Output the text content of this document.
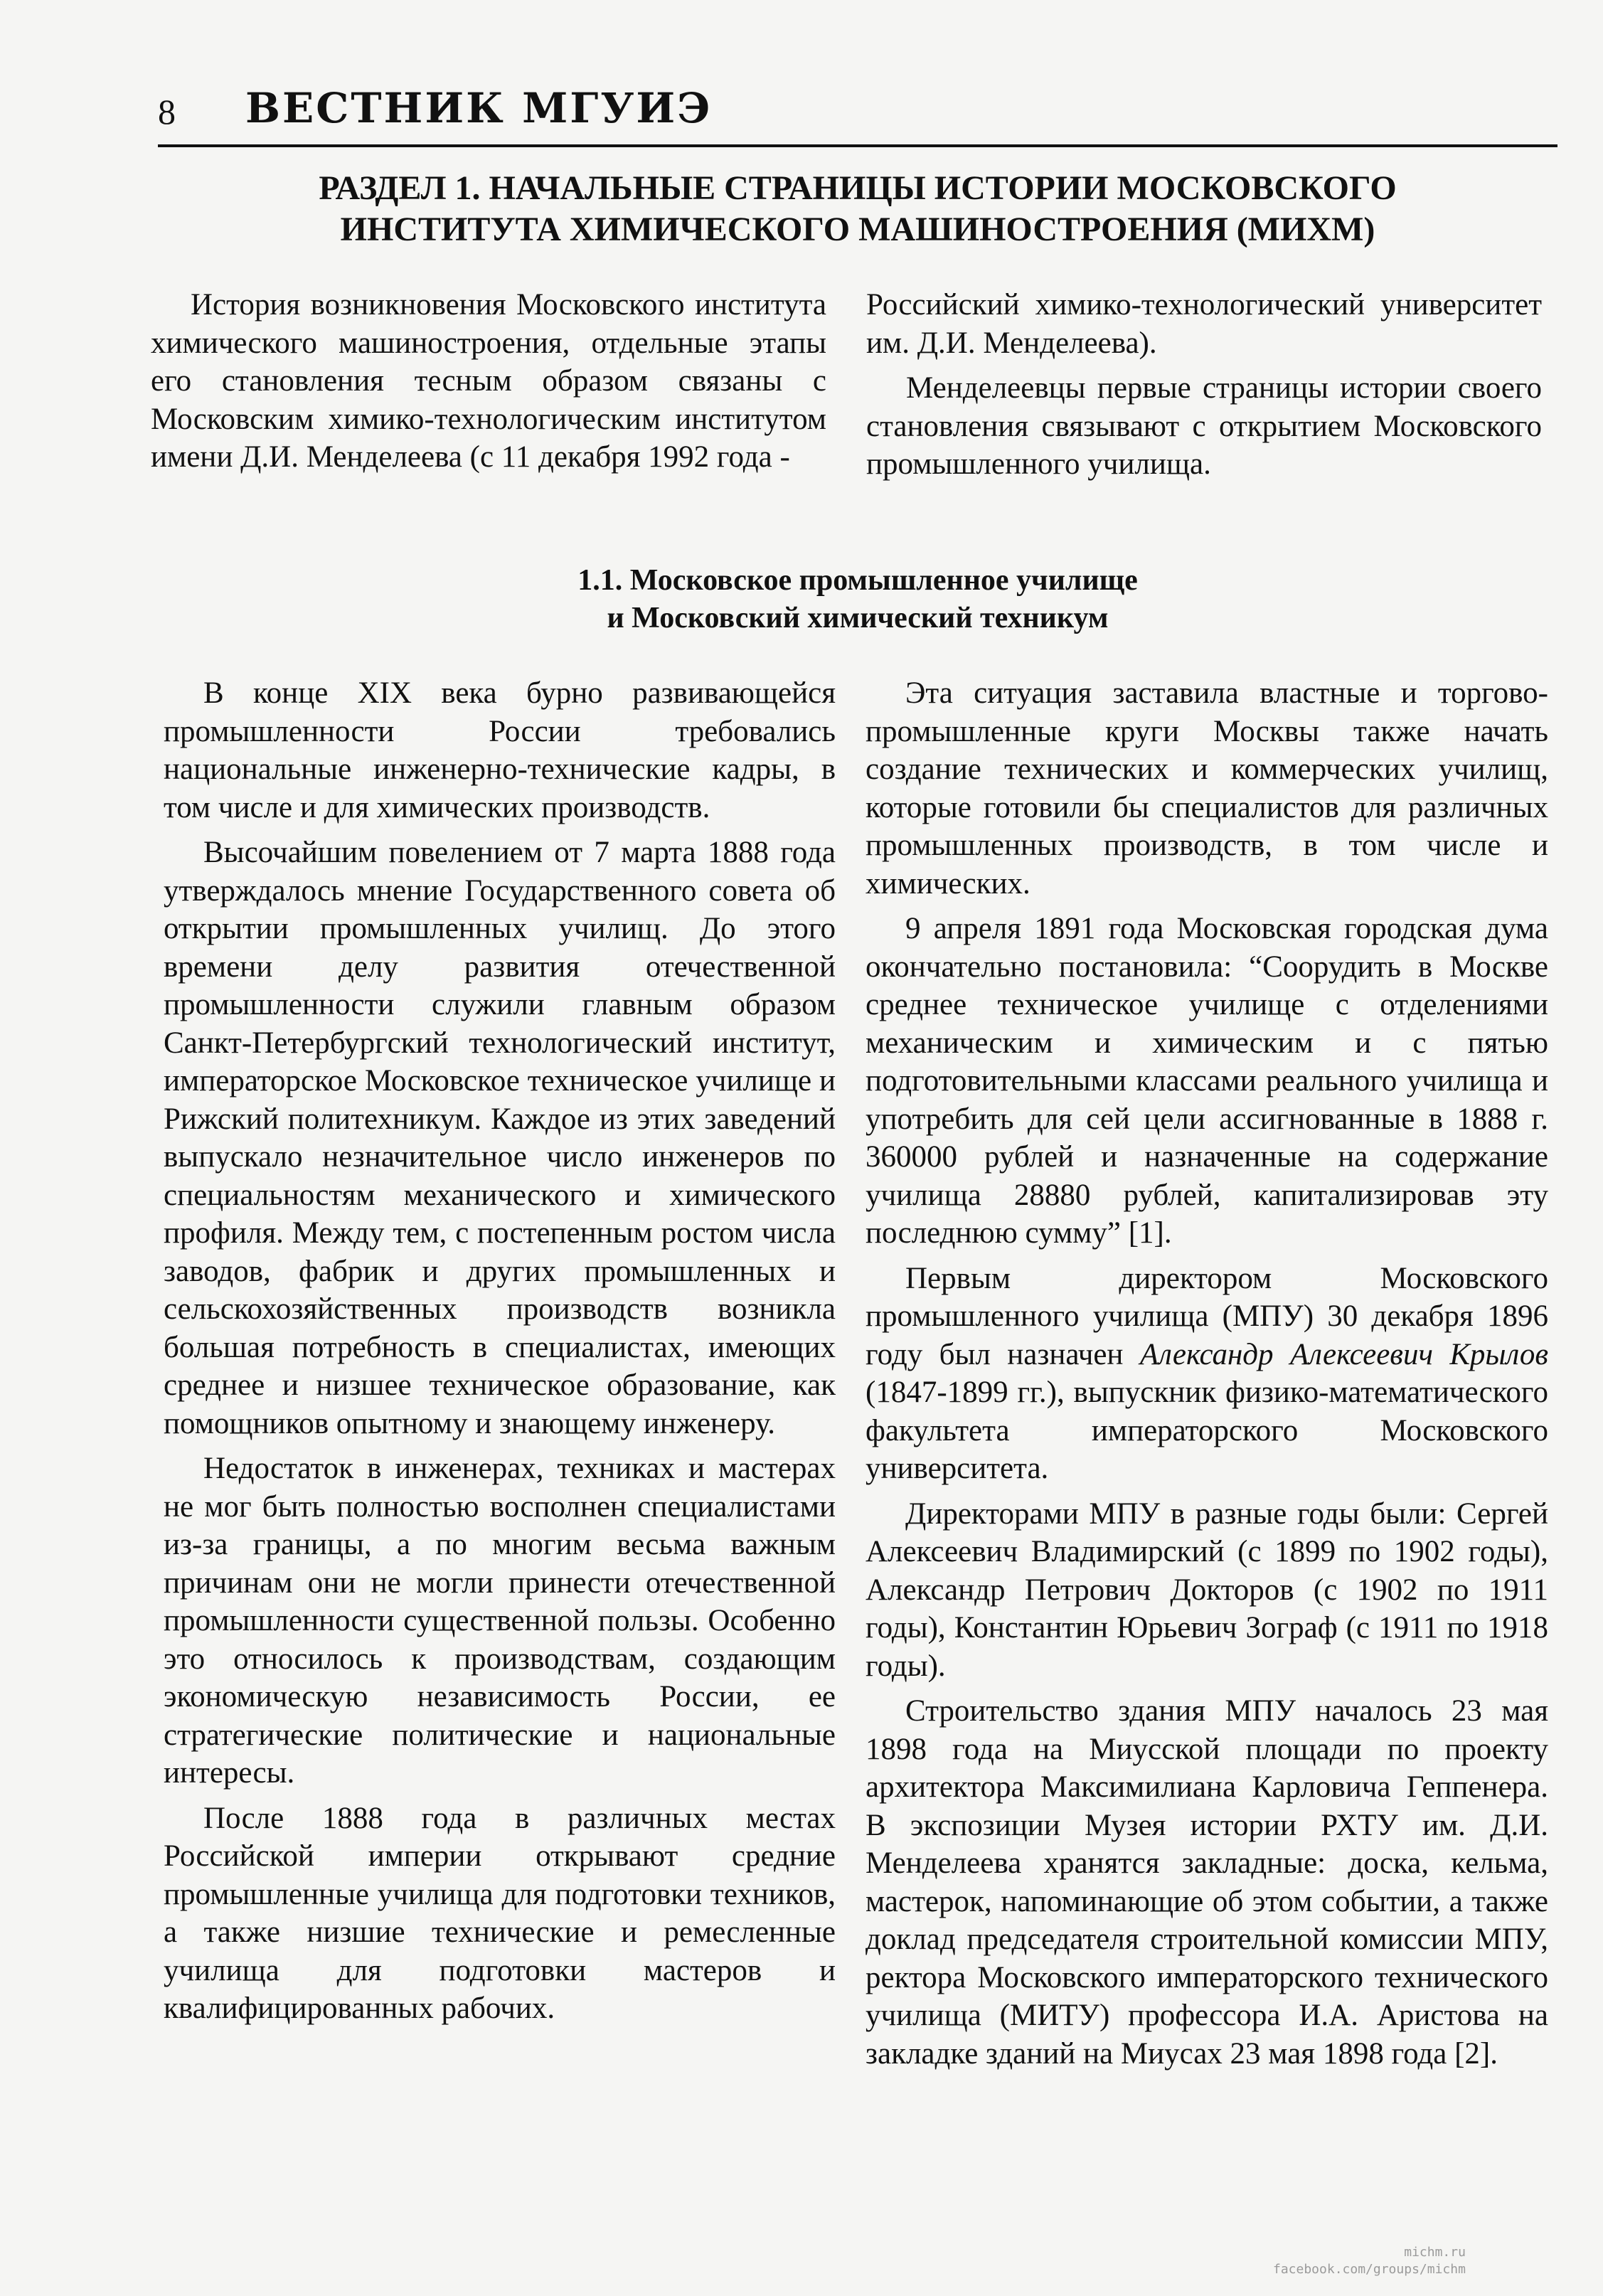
8 ВЕСТНИК МГУИЭ
РАЗДЕЛ 1. НАЧАЛЬНЫЕ СТРАНИЦЫ ИСТОРИИ МОСКОВСКОГО
ИНСТИТУТА ХИМИЧЕСКОГО МАШИНОСТРОЕНИЯ (МИХМ)

История возникновения Московского института химического машиностроения, отдельные этапы его становления тесным образом связаны с Московским химико-технологическим институтом имени Д.И. Менделеева (с 11 декабря 1992 года -

Российский химико-технологический университет им. Д.И. Менделеева).

Менделеевцы первые страницы истории своего становления связывают с открытием Московского промышленного училища.

1.1. Московское промышленное училище
и Московский химический техникум

В конце XIX века бурно развивающейся промышленности России требовались национальные инженерно-технические кадры, в том числе и для химических производств.

Высочайшим повелением от 7 марта 1888 года утверждалось мнение Государственного совета об открытии промышленных училищ. До этого времени делу развития отечественной промышленности служили главным образом Санкт-Петербургский технологический институт, императорское Московское техническое училище и Рижский политехникум. Каждое из этих заведений выпускало незначительное число инженеров по специальностям механического и химического профиля. Между тем, с постепенным ростом числа заводов, фабрик и других промышленных и сельскохозяйственных производств возникла большая потребность в специалистах, имеющих среднее и низшее техническое образование, как помощников опытному и знающему инженеру.

Недостаток в инженерах, техниках и мастерах не мог быть полностью восполнен специалистами из-за границы, а по многим весьма важным причинам они не могли принести отечественной промышленности существенной пользы. Особенно это относилось к производствам, создающим экономическую независимость России, ее стратегические политические и национальные интересы.

После 1888 года в различных местах Российской империи открывают средние промышленные училища для подготовки техников, а также низшие технические и ремесленные училища для подготовки мастеров и квалифицированных рабочих.

Эта ситуация заставила властные и торгово-промышленные круги Москвы также начать создание технических и коммерческих училищ, которые готовили бы специалистов для различных промышленных производств, в том числе и химических.

9 апреля 1891 года Московская городская дума окончательно постановила: “Соорудить в Москве среднее техническое училище с отделениями механическим и химическим и с пятью подготовительными классами реального училища и употребить для сей цели ассигнованные в 1888 г. 360000 рублей и назначенные на содержание училища 28880 рублей, капитализировав эту последнюю сумму” [1].

Первым директором Московского промышленного училища (МПУ) 30 декабря 1896 году был назначен Александр Алексеевич Крылов (1847-1899 гг.), выпускник физико-математического факультета императорского Московского университета.

Директорами МПУ в разные годы были: Сергей Алексеевич Владимирский (с 1899 по 1902 годы), Александр Петрович Докторов (с 1902 по 1911 годы), Константин Юрьевич Зограф (с 1911 по 1918 годы).

Строительство здания МПУ началось 23 мая 1898 года на Миусской площади по проекту архитектора Максимилиана Карловича Геппенера. В экспозиции Музея истории РХТУ им. Д.И. Менделеева хранятся закладные: доска, кельма, мастерок, напоминающие об этом событии, а также доклад председателя строительной комиссии МПУ, ректора Московского императорского технического училища (МИТУ) профессора И.А. Аристова на закладке зданий на Миусах 23 мая 1898 года [2].

michm.ru
facebook.com/groups/michm
